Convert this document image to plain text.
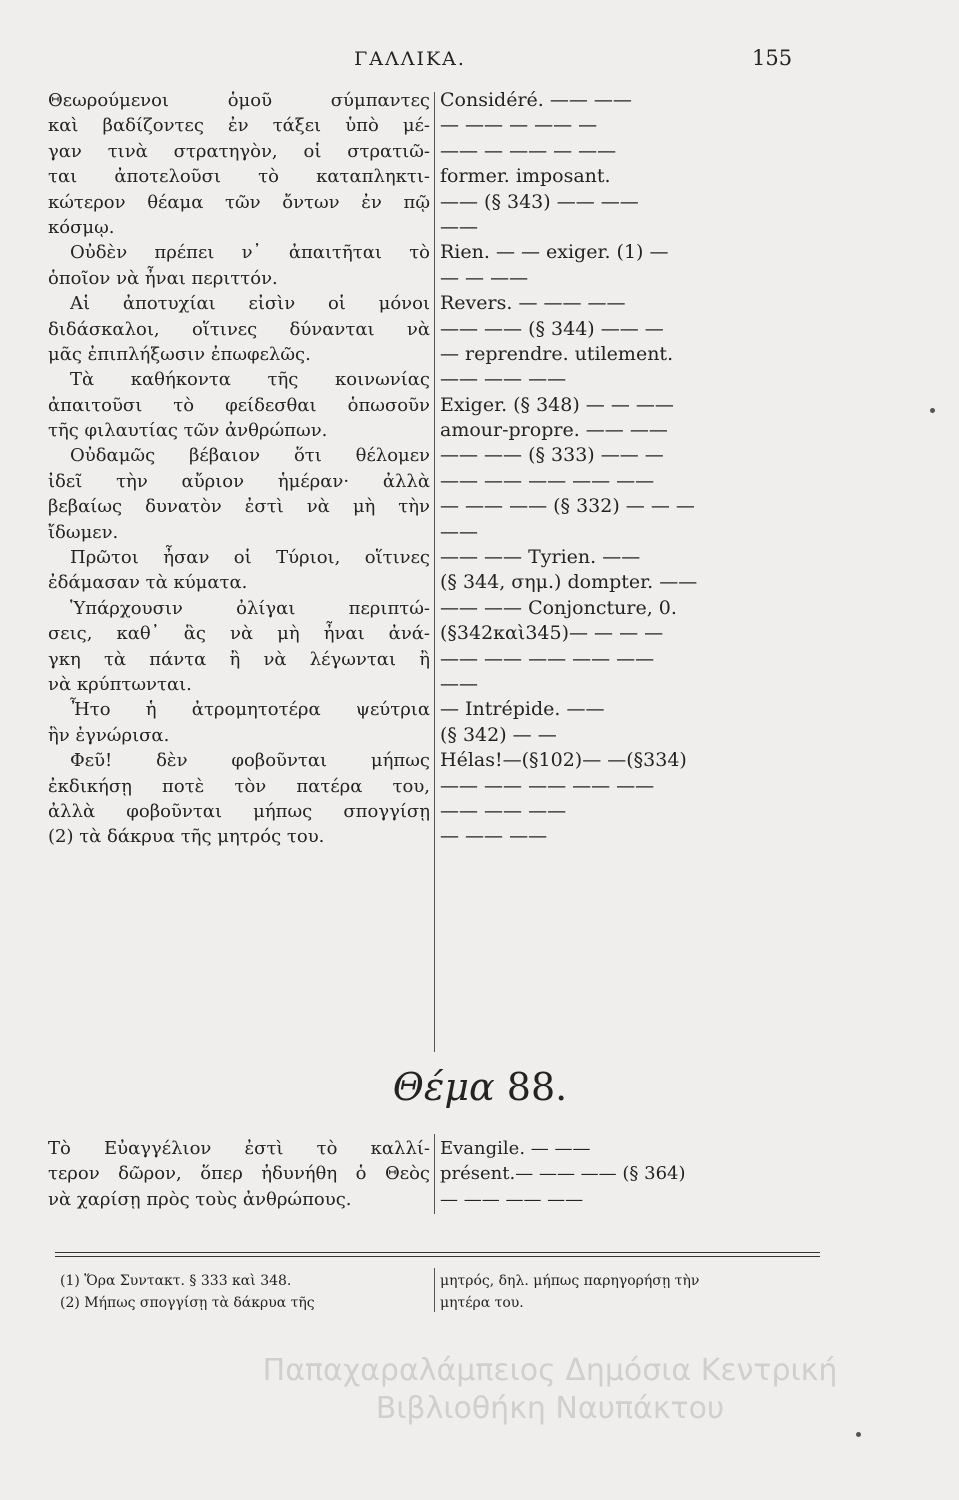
ΓΑΛΛΙΚΑ.	155
Θεωρούμενοι ὁμοῦ σύμπαντες
καὶ βαδίζοντες ἐν τάξει ὑπὸ μέ-
γαν τινὰ στρατηγὸν, οἱ στρατιῶ-
ται ἀποτελοῦσι τὸ καταπληκτι-
κώτερον θέαμα τῶν ὄντων ἐν πῷ
κόσμῳ.
Οὐδὲν πρέπει ν᾽ ἀπαιτῆται τὸ
ὁποῖον νὰ ἦναι περιττόν.
Αἱ ἀποτυχίαι εἰσὶν οἱ μόνοι
διδάσκαλοι, οἵτινες δύνανται νὰ
μᾶς ἐπιπλήξωσιν ἐπωφελῶς.
Τὰ καθήκοντα τῆς κοινωνίας
ἀπαιτοῦσι τὸ φείδεσθαι ὁπωσοῦν
τῆς φιλαυτίας τῶν ἀνθρώπων.
Οὐδαμῶς βέβαιον ὅτι θέλομεν
ἰδεῖ τὴν αὔριον ἡμέραν· ἀλλὰ
βεβαίως δυνατὸν ἐστὶ νὰ μὴ τὴν
ἴδωμεν.
Πρῶτοι ἦσαν οἱ Τύριοι, οἵτινες
ἐδάμασαν τὰ κύματα.
Ὑπάρχουσιν ὀλίγαι περιπτώ-
σεις, καθ᾽ ἃς νὰ μὴ ἦναι ἀνά-
γκη τὰ πάντα ἢ νὰ λέγωνται ἢ
νὰ κρύπτωνται.
Ἦτο ἡ ἀτρομητοτέρα ψεύτρια
ἣν ἐγνώρισα.
Φεῦ! δὲν φοβοῦνται μήπως
ἐκδικήσῃ ποτὲ τὸν πατέρα του,
ἀλλὰ φοβοῦνται μήπως σπογγίσῃ
(2) τὰ δάκρυα τῆς μητρός του.
Considéré. —— ——
— —— — —— —
—— — —— — ——
former. imposant.
—— (§ 343) —— ——
——
Rien. — — exiger. (1) —
— — ——
Revers. — —— ——
—— —— (§ 344) —— —
— reprendre. utilement.
—— —— ——
Exiger. (§ 348) — — ——
amour-propre. —— ——
—— —— (§ 333) —— —
—— —— —— —— ——
— —— —— (§ 332) — — —
——
—— —— Tyrien. ——
(§ 344, σημ.) dompter. ——
—— —— Conjoncture, 0.
(§342καὶ345)— — — —
—— —— —— —— ——
——
— Intrépide. ——
(§ 342) — —
Hélas!—(§102)— —(§334)
—— —— —— —— ——
—— —— ——
— —— ——
Θέμα 88.
Τὸ Εὐαγγέλιον ἐστὶ τὸ καλλί-
τερον δῶρον, ὅπερ ἠδυνήθη ὁ Θεὸς
νὰ χαρίσῃ πρὸς τοὺς ἀνθρώπους.
Evangile. — ——
présent.— —— —— (§ 364)
— —— —— ——
(1) Ὅρα Συντακτ. § 333 καὶ 348.
(2) Μήπως σπογγίσῃ τὰ δάκρυα τῆς
μητρός, δηλ. μήπως παρηγορήσῃ τὴν
μητέρα του.
Παπαχαραλάμπειος Δημόσια Κεντρική
Βιβλιοθήκη Ναυπάκτου
